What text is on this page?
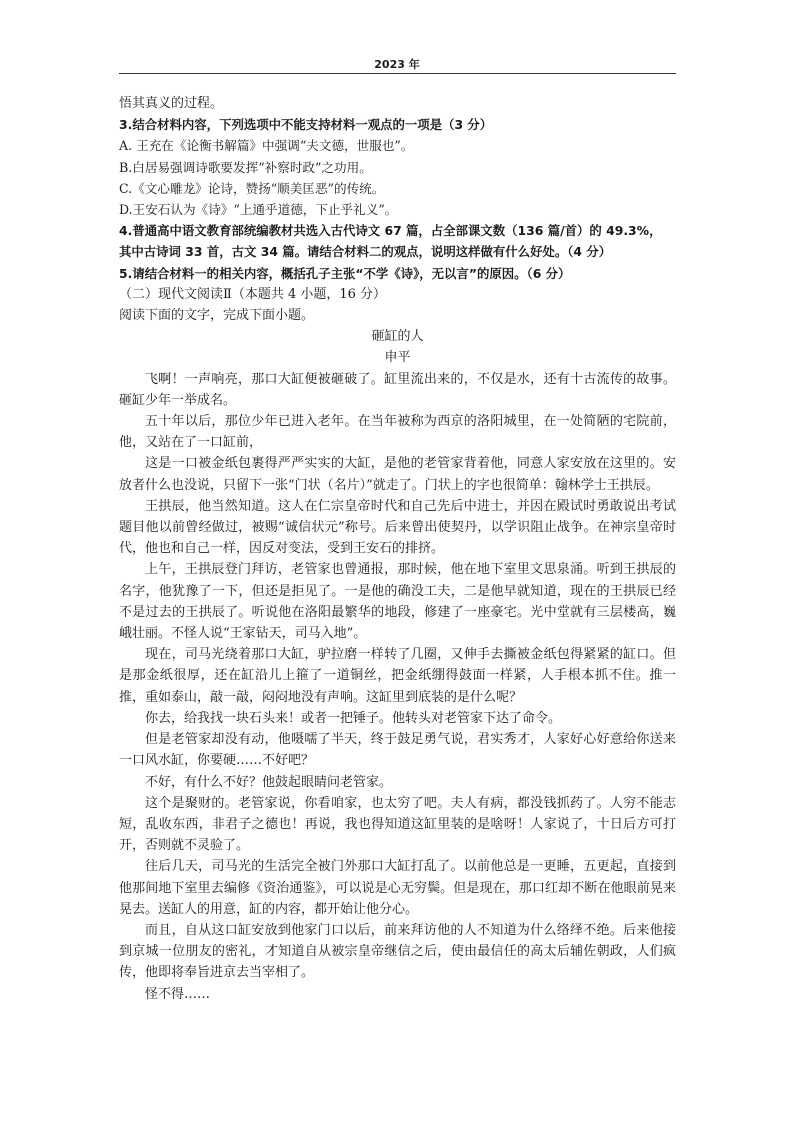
2023 年

悟其真义的过程。

3.结合材料内容，下列选项中不能支持材料一观点的一项是（3 分）

A. 王充在《论衡书解篇》中强调“夫文德，世服也”。

B.白居易强调诗歌要发挥“补察时政”之功用。

C.《文心雕龙》论诗，赞扬“顺美匡恶”的传统。

D.王安石认为《诗》“上通乎道德，下止乎礼义”。

4.普通高中语文教育部统编教材共选入古代诗文 67 篇，占全部课文数（136 篇/首）的 49.3%，

其中古诗词 33 首，古文 34 篇。请结合材料二的观点，说明这样做有什么好处。（4 分）

5.请结合材料一的相关内容，概括孔子主张“不学《诗》，无以言”的原因。（6 分）

（二）现代文阅读Ⅱ（本题共 4 小题，16 分）

阅读下面的文字，完成下面小题。

砸缸的人

申平

飞啊！一声响亮，那口大缸便被砸破了。缸里流出来的，不仅是水，还有十古流传的故事。砸缸少年一举成名。

五十年以后，那位少年已进入老年。在当年被称为西京的洛阳城里，在一处简陋的宅院前，他，又站在了一口缸前，

这是一口被金纸包裹得严严实实的大缸，是他的老管家背着他，同意人家安放在这里的。安放者什么也没说，只留下一张“门状（名片）”就走了。门状上的字也很简单：翰林学士王拱辰。

王拱辰，他当然知道。这人在仁宗皇帝时代和自己先后中进士，并因在殿试时勇敢说出考试题目他以前曾经做过，被赐“诚信状元”称号。后来曾出使契丹，以学识阻止战争。在神宗皇帝时代，他也和自己一样，因反对变法，受到王安石的排挤。

上午，王拱辰登门拜访，老管家也曾通报，那时候，他在地下室里文思泉涌。听到王拱辰的名字，他犹豫了一下，但还是拒见了。一是他的确没工夫，二是他早就知道，现在的王拱辰已经不是过去的王拱辰了。听说他在洛阳最繁华的地段，修建了一座豪宅。光中堂就有三层楼高，巍峨壮丽。不怪人说“王家钻天，司马入地”。

现在，司马光绕着那口大缸，驴拉磨一样转了几圈，又伸手去撕被金纸包得紧紧的缸口。但是那金纸很厚，还在缸沿儿上箍了一道铜丝，把金纸绷得鼓面一样紧，人手根本抓不住。推一推，重如泰山，敲一敲，闷闷地没有声响。这缸里到底装的是什么呢？

你去，给我找一块石头来！或者一把锤子。他转头对老管家下达了命令。

但是老管家却没有动，他嗫嚅了半天，终于鼓足勇气说，君实秀才，人家好心好意给你送来一口风水缸，你要硬……不好吧？

不好，有什么不好？他鼓起眼睛问老管家。

这个是聚财的。老管家说，你看咱家，也太穷了吧。夫人有病，都没钱抓药了。人穷不能志短，乱收东西，非君子之德也！再说，我也得知道这缸里装的是啥呀！人家说了，十日后方可打开，否则就不灵验了。

往后几天，司马光的生活完全被门外那口大缸打乱了。以前他总是一更睡，五更起，直接到他那间地下室里去编修《资治通鉴》，可以说是心无穷鬓。但是现在，那口红却不断在他眼前晃来晃去。送缸人的用意，缸的内容，都开始让他分心。

而且，自从这口缸安放到他家门口以后，前来拜访他的人不知道为什么络绎不绝。后来他接到京城一位朋友的密礼，才知道自从被宗皇帝继信之后，使由最信任的高太后辅佐朝政，人们疯传，他即将奉旨进京去当宰相了。

怪不得……
